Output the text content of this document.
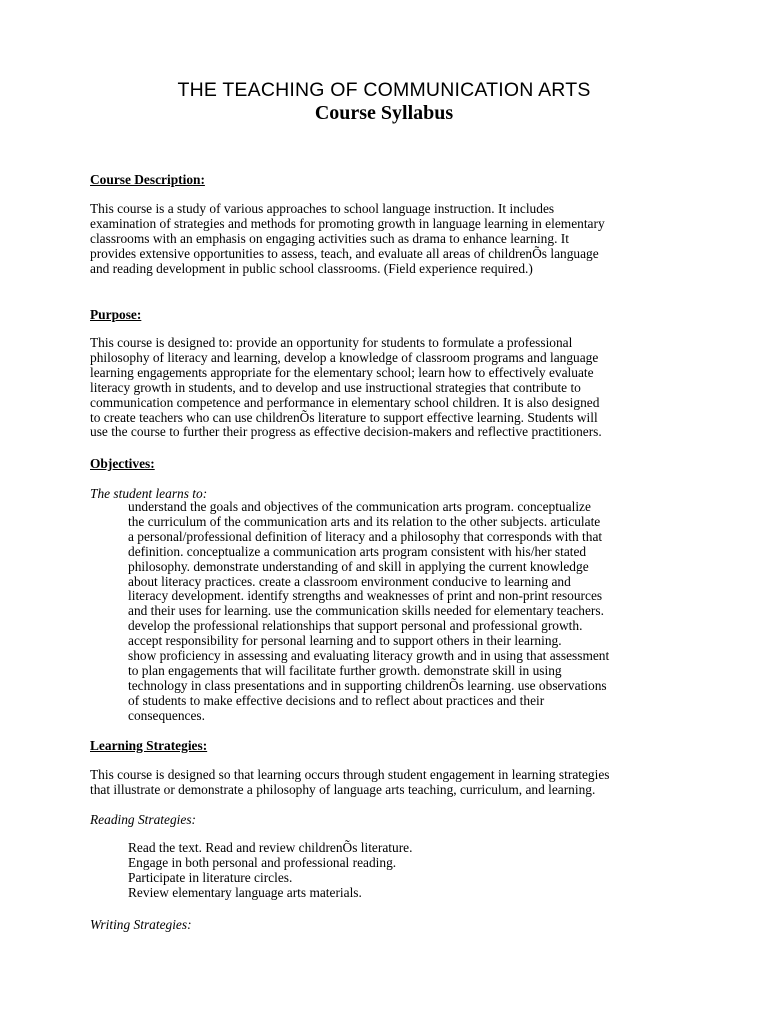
THE TEACHING OF COMMUNICATION ARTS
Course Syllabus
Course Description:
This course is a study of various approaches to school language instruction. It includes
examination of strategies and methods for promoting growth in language learning in elementary
classrooms with an emphasis on engaging activities such as drama to enhance learning. It
provides extensive opportunities to assess, teach, and evaluate all areas of childrenÕs language
and reading development in public school classrooms. (Field experience required.)
Purpose:
This course is designed to: provide an opportunity for students to formulate a professional
philosophy of literacy and learning, develop a knowledge of classroom programs and language
learning engagements appropriate for the elementary school; learn how to effectively evaluate
literacy growth in students, and to develop and use instructional strategies that contribute to
communication competence and performance in elementary school children. It is also designed
to create teachers who can use childrenÕs literature to support effective learning. Students will
use the course to further their progress as effective decision-makers and reflective practitioners.
Objectives:
The student learns to:
understand the goals and objectives of the communication arts program. conceptualize
the curriculum of the communication arts and its relation to the other subjects. articulate
a personal/professional definition of literacy and a philosophy that corresponds with that
definition. conceptualize a communication arts program consistent with his/her stated
philosophy. demonstrate understanding of and skill in applying the current knowledge
about literacy practices. create a classroom environment conducive to learning and
literacy development. identify strengths and weaknesses of print and non-print resources
and their uses for learning. use the communication skills needed for elementary teachers.
develop the professional relationships that support personal and professional growth.
accept responsibility for personal learning and to support others in their learning.
show proficiency in assessing and evaluating literacy growth and in using that assessment
to plan engagements that will facilitate further growth. demonstrate skill in using
technology in class presentations and in supporting childrenÕs learning. use observations
of students to make effective decisions and to reflect about practices and their
consequences.
Learning Strategies:
This course is designed so that learning occurs through student engagement in learning strategies
that illustrate or demonstrate a philosophy of language arts teaching, curriculum, and learning.
Reading Strategies:
Read the text. Read and review childrenÕs literature.
Engage in both personal and professional reading.
Participate in literature circles.
Review elementary language arts materials.
Writing Strategies:
